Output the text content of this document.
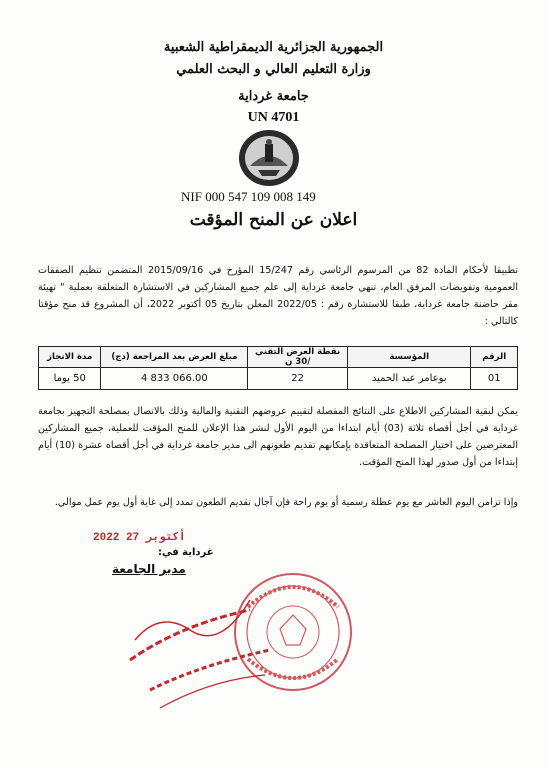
الجمهورية الجزائرية الديمقراطية الشعبية
وزارة التعليم العالي و البحث العلمي
جامعة غرداية
UN 4701
NIF 000 547 109 008 149
اعلان عن المنح المؤقت
تطبيقا لأحكام المادة 82 من المرسوم الرئاسي رقم 15/247 المؤرخ في 2015/09/16 المتضمن تنظيم الصفقات العمومية وتفويضات المرفق العام، تنهي جامعة غرداية إلى علم جميع المشاركين في الاستشارة المتعلقة بعملية " تهيئة مقر حاضنة جامعة غرداية، طبقا للاستشارة رقم : 2022/05 المعلن بتاريخ 05 أكتوبر 2022، أن المشروع قد منح مؤقتا كالتالي :
الرقم	المؤسسة	نقطة العرض التقني /30 ن	مبلغ العرض بعد المراجعة (دج)	مدة الانجاز
01	بوعامر عبد الحميد	22	4 833 066.00	50 يوما
يمكن لبقية المشاركين الاطلاع على النتائج المفصلة لتقييم عروضهم التقنية والمالية وذلك بالاتصال بمصلحة التجهيز بجامعة غرداية في أجل أقصاه ثلاثة (03) أيام ابتداءا من اليوم الأول لنشر هذا الإعلان للمنح المؤقت للعملية، جميع المشاركين المعترضين على اختيار المصلحة المتعاقدة بإمكانهم تقديم طعونهم الى مدير جامعة غرداية في أجل أقصاه عشرة (10) أيام إبتداءا من أول صدور لهذا المنح المؤقت.
وإذا تزامن اليوم العاشر مع يوم عطلة رسمية أو يوم راحة فإن آجال تقديم الطعون تمدد إلى غاية أول يوم عمل موالي.
2022 أكتوبر 27
غرداية في:
مدير الجامعة
